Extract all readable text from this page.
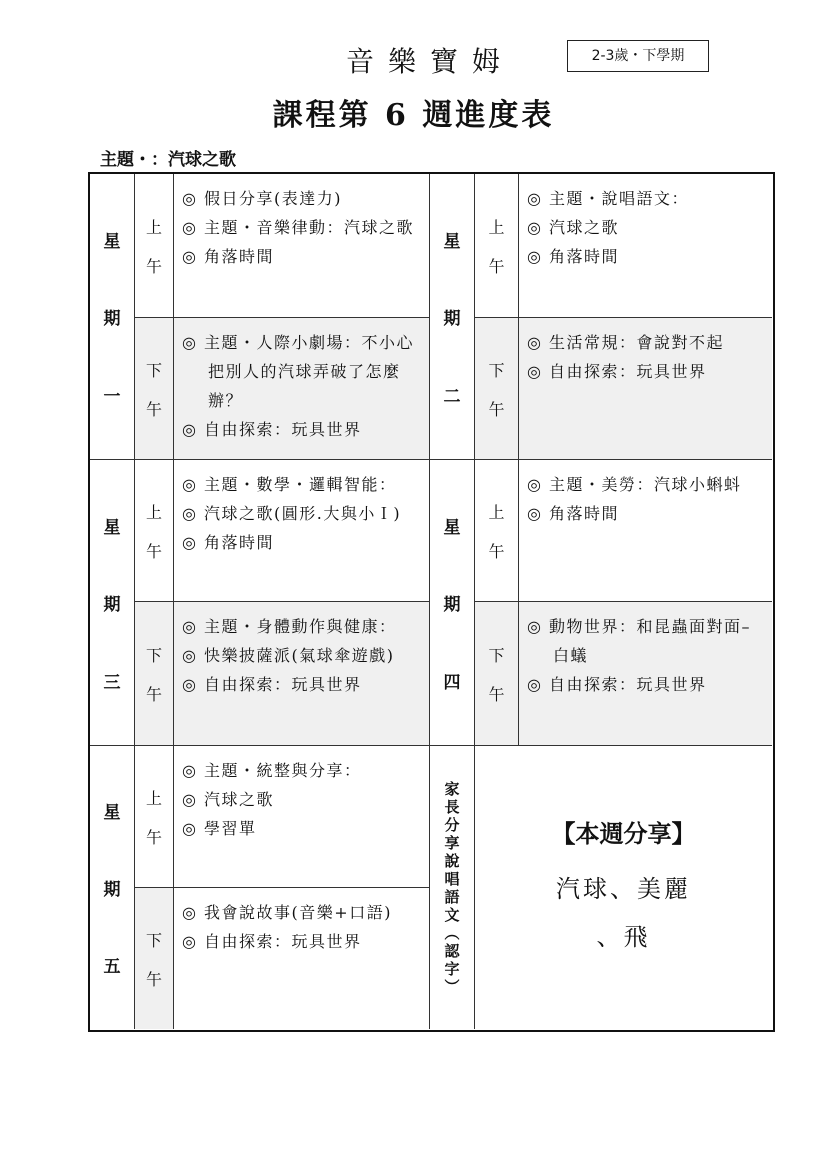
音樂寶姆	2-3歲・下學期
課程第 6 週進度表
主題・：汽球之歌
星
期
一
上
午
◎ 假日分享(表達力)
◎ 主題・音樂律動：汽球之歌
◎ 角落時間
下
午
◎ 主題・人際小劇場：不小心把別人的汽球弄破了怎麼辦？
◎ 自由探索：玩具世界
星
期
二
上
午
◎ 主題・說唱語文：
◎ 汽球之歌
◎ 角落時間
下
午
◎ 生活常規：會說對不起
◎ 自由探索：玩具世界
星
期
三
上
午
◎ 主題・數學・邏輯智能：
◎ 汽球之歌(圓形.大與小Ｉ)
◎ 角落時間
下
午
◎ 主題・身體動作與健康：
◎ 快樂披薩派(氣球傘遊戲)
◎ 自由探索：玩具世界
星
期
四
上
午
◎ 主題・美勞：汽球小蝌蚪
◎ 角落時間
下
午
◎ 動物世界：和昆蟲面對面–白蟻
◎ 自由探索：玩具世界
星
期
五
上
午
◎ 主題・統整與分享：
◎ 汽球之歌
◎ 學習單
下
午
◎ 我會說故事(音樂+口語)
◎ 自由探索：玩具世界
家
長
分
享
說
唱
語
文
︵
認
字
︶
【本週分享】
汽球、美麗
、飛
